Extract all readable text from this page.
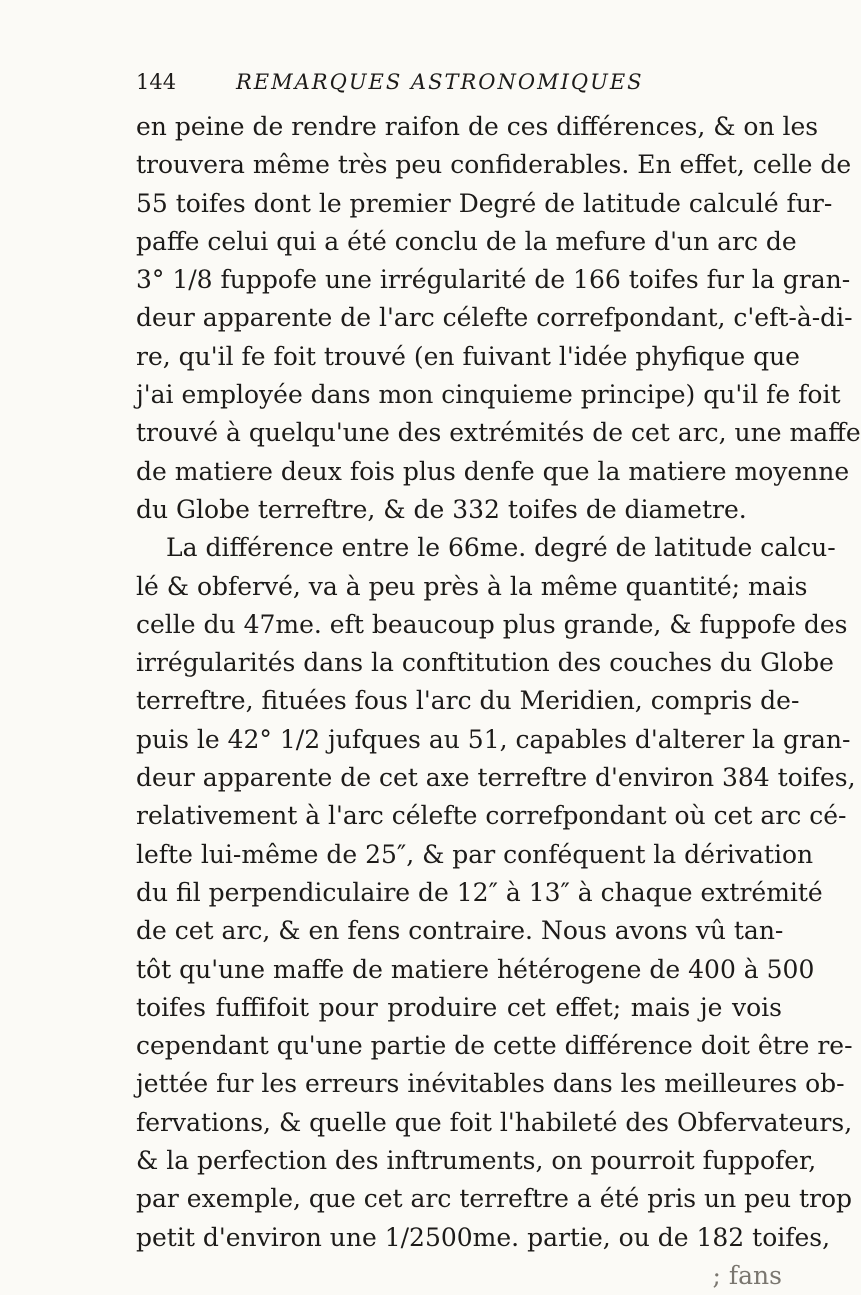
144	REMARQUES ASTRONOMIQUES
en peine de rendre raifon de ces différences, & on les
trouvera même très peu confiderables. En effet, celle de
55 toifes dont le premier Degré de latitude calculé fur-
paffe celui qui a été conclu de la mefure d'un arc de
3° 1/8 fuppofe une irrégularité de 166 toifes fur la gran-
deur apparente de l'arc célefte correfpondant, c'eft-à-di-
re, qu'il fe foit trouvé (en fuivant l'idée phyfique que
j'ai employée dans mon cinquieme principe) qu'il fe foit
trouvé à quelqu'une des extrémités de cet arc, une maffe
de matiere deux fois plus denfe que la matiere moyenne
du Globe terreftre, & de 332 toifes de diametre.
La différence entre le 66me. degré de latitude calcu-
lé & obfervé, va à peu près à la même quantité; mais
celle du 47me. eft beaucoup plus grande, & fuppofe des
irrégularités dans la conftitution des couches du Globe
terreftre, fituées fous l'arc du Meridien, compris de-
puis le 42° 1/2 jufques au 51, capables d'alterer la gran-
deur apparente de cet axe terreftre d'environ 384 toifes,
relativement à l'arc célefte correfpondant où cet arc cé-
lefte lui-même de 25″, & par conféquent la dérivation
du fil perpendiculaire de 12″ à 13″ à chaque extrémité
de cet arc, & en fens contraire. Nous avons vû tan-
tôt qu'une maffe de matiere hétérogene de 400 à 500
toifes fuffifoit pour produire cet effet; mais je vois
cependant qu'une partie de cette différence doit être re-
jettée fur les erreurs inévitables dans les meilleures ob-
fervations, & quelle que foit l'habileté des Obfervateurs,
& la perfection des inftruments, on pourroit fuppofer,
par exemple, que cet arc terreftre a été pris un peu trop
petit d'environ une 1/2500me. partie, ou de 182 toifes,
; fans
